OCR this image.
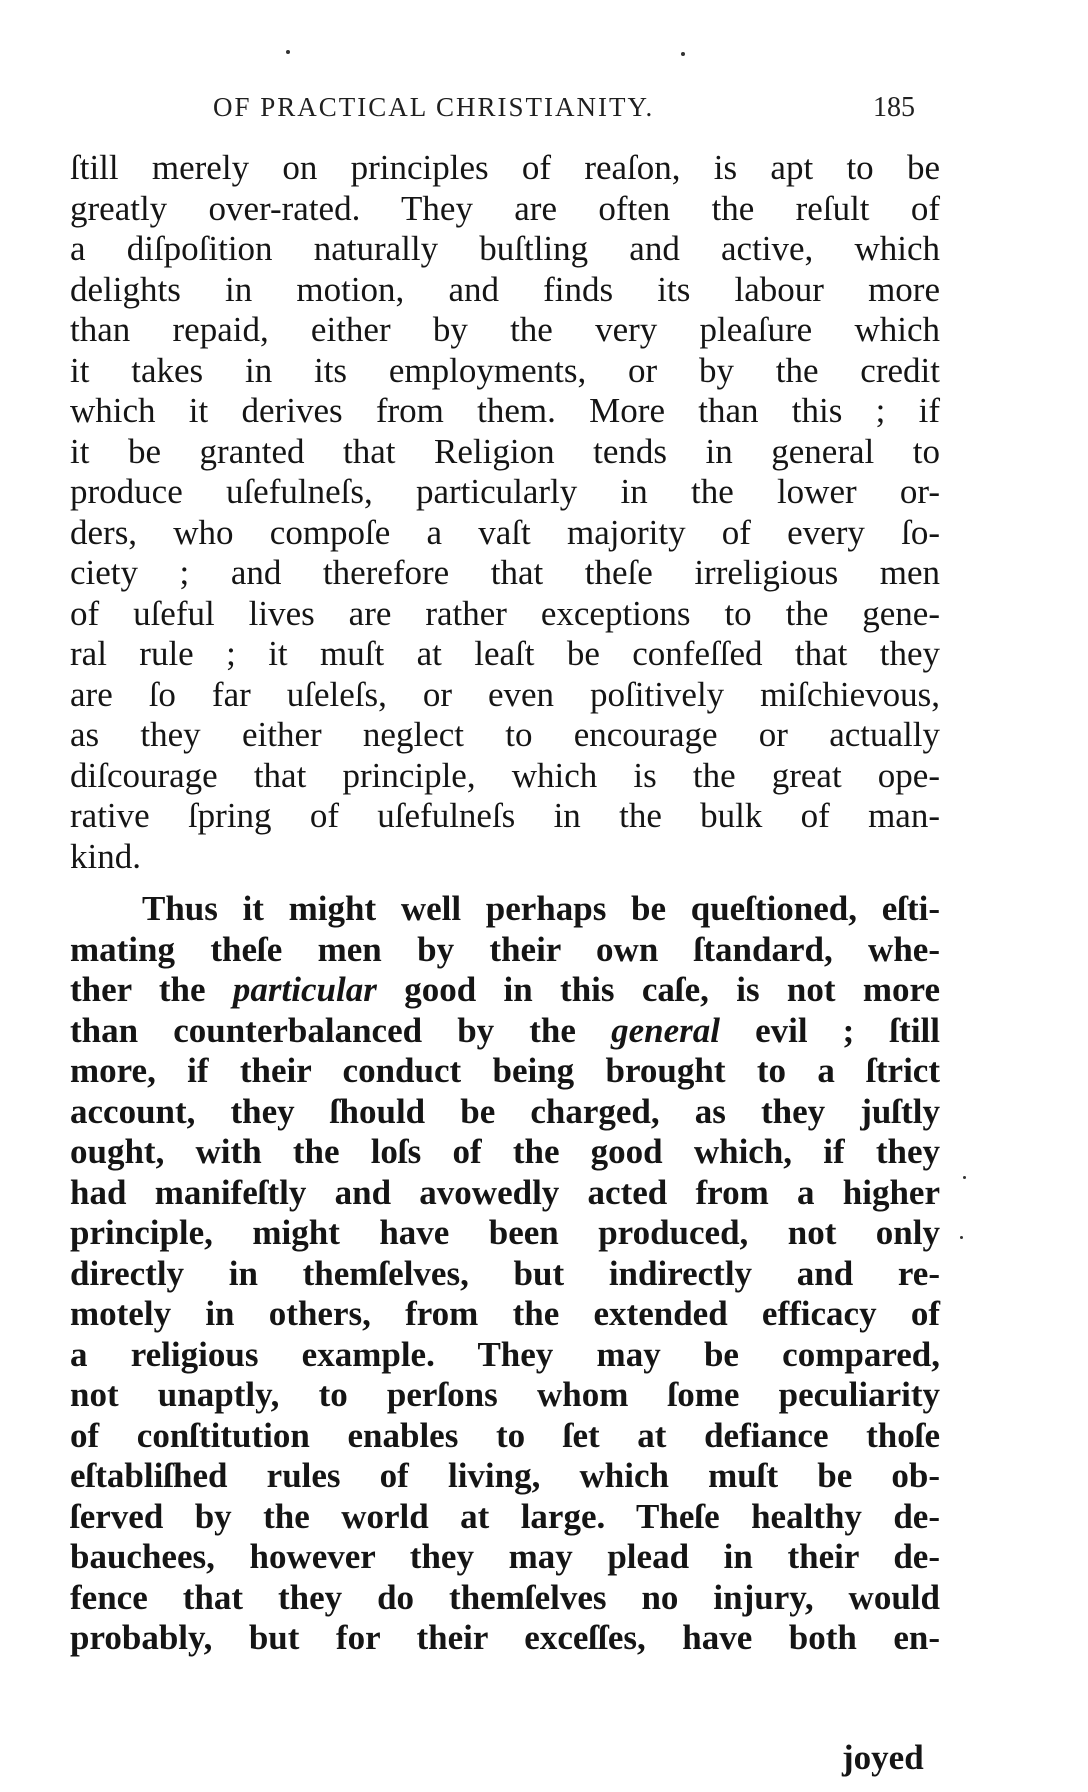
OF PRACTICAL CHRISTIANITY.	185
ſtill merely on principles of reaſon, is apt to be
greatly over-rated. They are often the reſult of
a diſpoſition naturally buſtling and active, which
delights in motion, and finds its labour more
than repaid, either by the very pleaſure which
it takes in its employments, or by the credit
which it derives from them. More than this ; if
it be granted that Religion tends in general to
produce uſefulneſs, particularly in the lower or-
ders, who compoſe a vaſt majority of every ſo-
ciety ; and therefore that theſe irreligious men
of uſeful lives are rather exceptions to the gene-
ral rule ; it muſt at leaſt be confeſſed that they
are ſo far uſeleſs, or even poſitively miſchievous,
as they either neglect to encourage or actually
diſcourage that principle, which is the great ope-
rative ſpring of uſefulneſs in the bulk of man-
kind.
Thus it might well perhaps be queſtioned, eſti-
mating theſe men by their own ſtandard, whe-
ther the particular good in this caſe, is not more
than counterbalanced by the general evil ; ſtill
more, if their conduct being brought to a ſtrict
account, they ſhould be charged, as they juſtly
ought, with the loſs of the good which, if they
had manifeſtly and avowedly acted from a higher
principle, might have been produced, not only
directly in themſelves, but indirectly and re-
motely in others, from the extended efficacy of
a religious example. They may be compared,
not unaptly, to perſons whom ſome peculiarity
of conſtitution enables to ſet at defiance thoſe
eſtabliſhed rules of living, which muſt be ob-
ſerved by the world at large. Theſe healthy de-
bauchees, however they may plead in their de-
fence that they do themſelves no injury, would
probably, but for their exceſſes, have both en-
joyed
